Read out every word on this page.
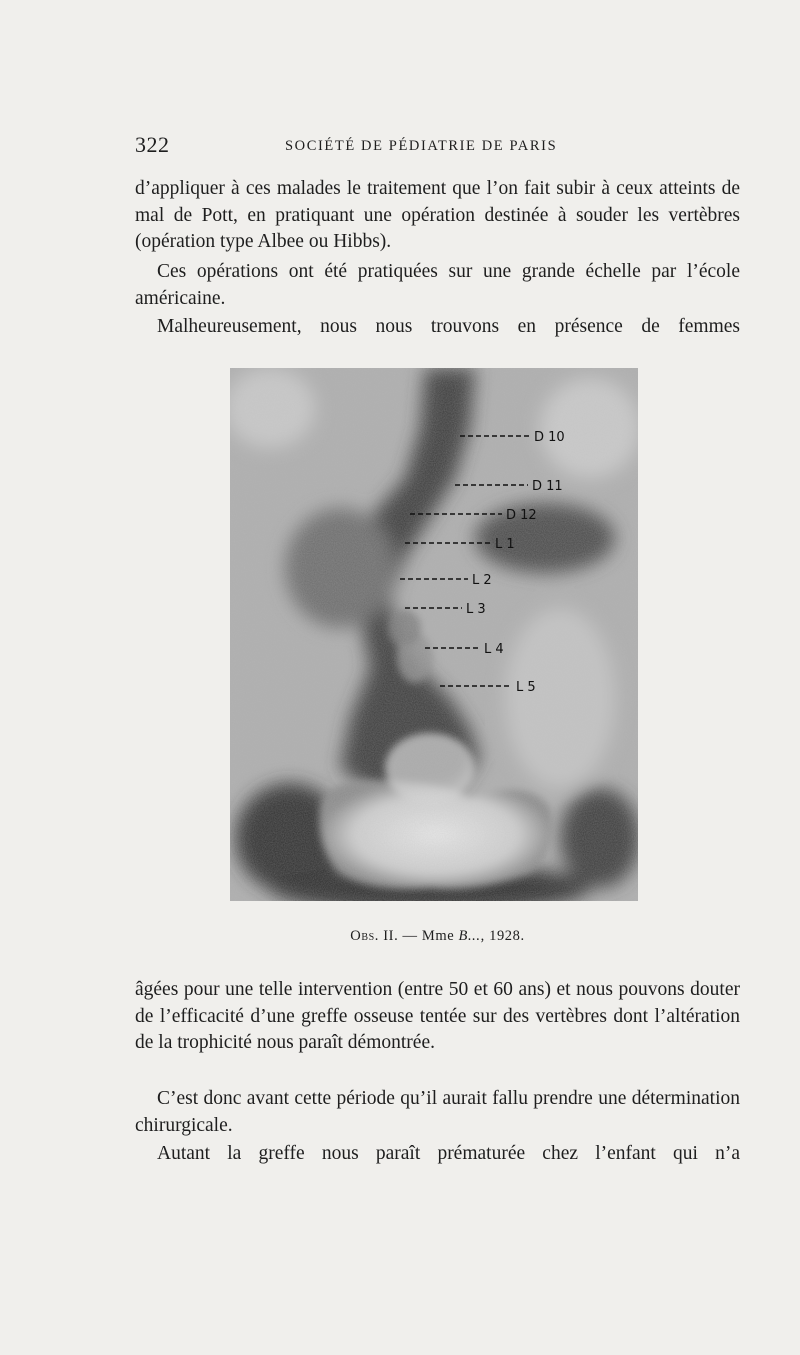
322	SOCIÉTÉ DE PÉDIATRIE DE PARIS

d’appliquer à ces malades le traitement que l’on fait subir à ceux atteints de mal de Pott, en pratiquant une opération destinée à souder les vertèbres (opération type Albee ou Hibbs).

Ces opérations ont été pratiquées sur une grande échelle par l’école américaine.

Malheureusement, nous nous trouvons en présence de femmes

D 10
D 11
D 12
L 1
L 2
L 3
L 4
L 5
Obs. II. — Mme B..., 1928.

âgées pour une telle intervention (entre 50 et 60 ans) et nous pouvons douter de l’efficacité d’une greffe osseuse tentée sur des vertèbres dont l’altération de la trophicité nous paraît démontrée.

C’est donc avant cette période qu’il aurait fallu prendre une détermination chirurgicale.

Autant la greffe nous paraît prématurée chez l’enfant qui n’a
